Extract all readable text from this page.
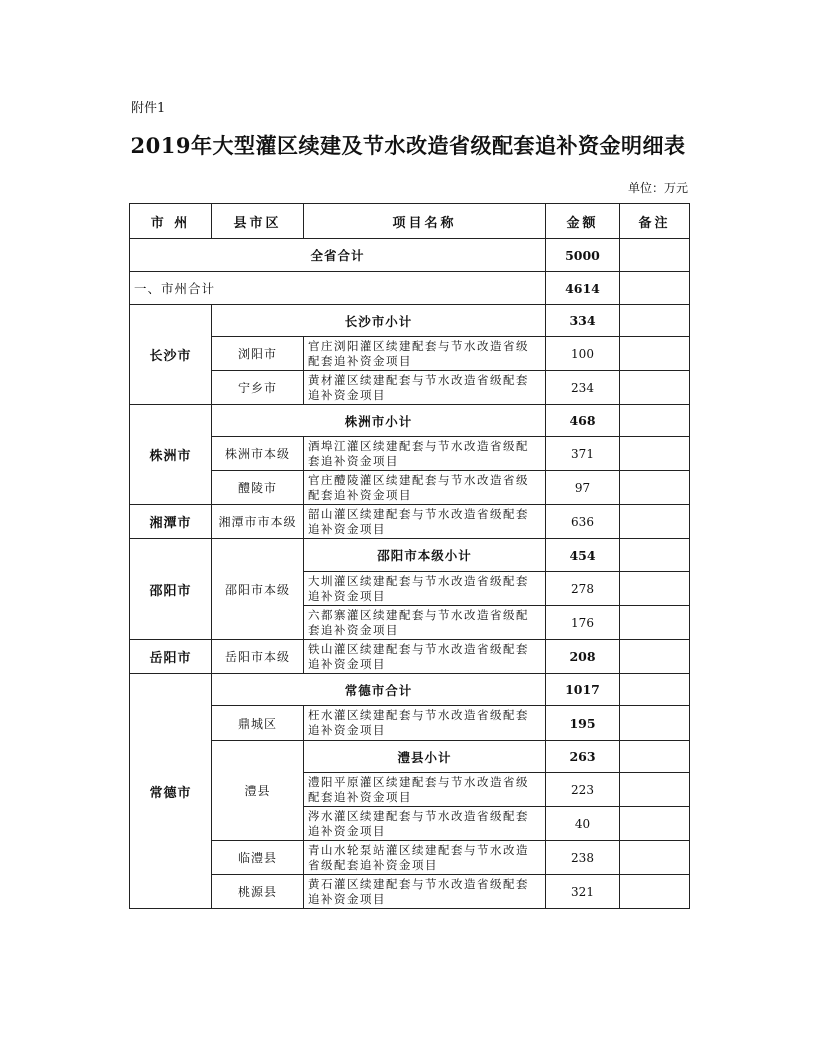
附件1
2019年大型灌区续建及节水改造省级配套追补资金明细表
单位：万元
市 州	县市区	项目名称	金额	备注
全省合计			5000	
一、市州合计			4614	
长沙市	长沙市小计		334	
	浏阳市	官庄浏阳灌区续建配套与节水改造省级配套追补资金项目	100	
	宁乡市	黄材灌区续建配套与节水改造省级配套追补资金项目	234	
株洲市	株洲市小计		468	
	株洲市本级	酒埠江灌区续建配套与节水改造省级配套追补资金项目	371	
	醴陵市	官庄醴陵灌区续建配套与节水改造省级配套追补资金项目	97	
湘潭市	湘潭市市本级	韶山灌区续建配套与节水改造省级配套追补资金项目	636	
邵阳市	邵阳市本级	邵阳市本级小计	454	
		大圳灌区续建配套与节水改造省级配套追补资金项目	278	
		六都寨灌区续建配套与节水改造省级配套追补资金项目	176	
岳阳市	岳阳市本级	铁山灌区续建配套与节水改造省级配套追补资金项目	208	
常德市	常德市合计		1017	
	鼎城区	枉水灌区续建配套与节水改造省级配套追补资金项目	195	
	澧县	澧县小计	263	
		澧阳平原灌区续建配套与节水改造省级配套追补资金项目	223	
		涔水灌区续建配套与节水改造省级配套追补资金项目	40	
	临澧县	青山水轮泵站灌区续建配套与节水改造省级配套追补资金项目	238	
	桃源县	黄石灌区续建配套与节水改造省级配套追补资金项目	321	
